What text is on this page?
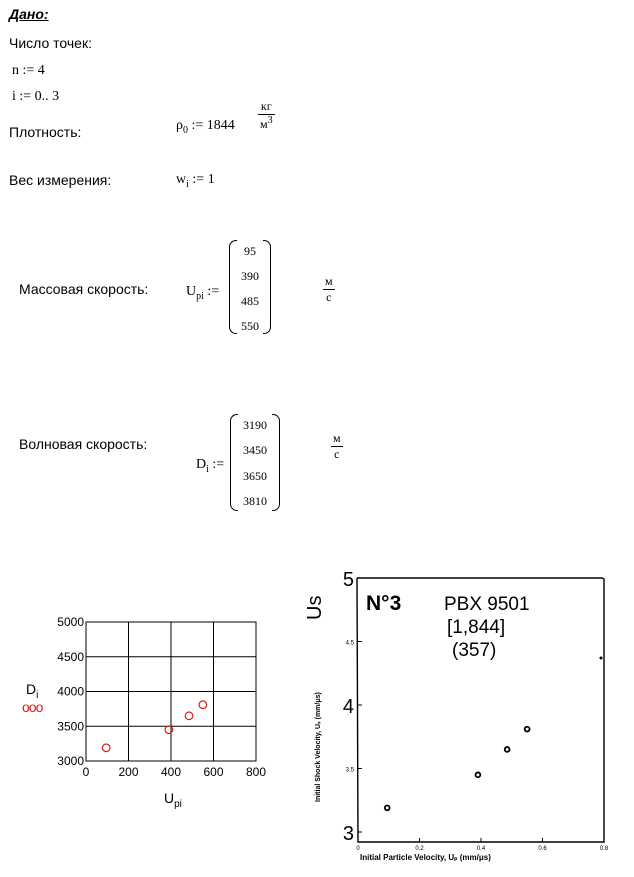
Дано:
Число точек:
n := 4
i := 0.. 3
Плотность:	$\rho_0$ := $1844 \frac{кг}{м^3}$
Вес измерения:	$w_i$ := 1
Массовая скорость:	$U_{pi}$ :=
95
390
485
550
$\frac{м}{с}$
Волновая скорость:
$D_i$ :=
3190
3450
3650
3810
$\frac{м}{с}$
0 200 400 600 800
3000
3500
4000
4500
5000
$D_i$
ooo
$U_{pi}$
3
4
5
3.5
4.5
0	0.2	0.4	0.6	0.8
N°3 PBX 9501
[1,844]
(357)
Us
Initial Shock Velocity, Uₛ (mm/μs)
Initial Particle Velocity, Uₚ (mm/μs)
